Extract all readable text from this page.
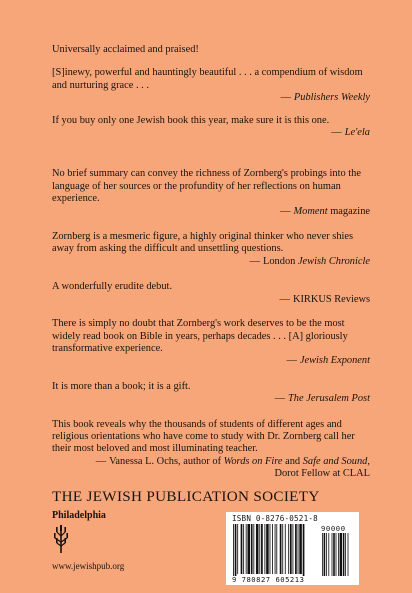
Universally acclaimed and praised!
[S]inewy, powerful and hauntingly beautiful . . . a compendium of wisdom and nurturing grace . . .
— Publishers Weekly
If you buy only one Jewish book this year, make sure it is this one.
— Le'ela
No brief summary can convey the richness of Zornberg's probings into the language of her sources or the profundity of her reflections on human experience.
— Moment magazine
Zornberg is a mesmeric figure, a highly original thinker who never shies away from asking the difficult and unsettling questions.
— London Jewish Chronicle
A wonderfully erudite debut.
— KIRKUS Reviews
There is simply no doubt that Zornberg's work deserves to be the most widely read book on Bible in years, perhaps decades . . . [A] gloriously transformative experience.
— Jewish Exponent
It is more than a book; it is a gift.
— The Jerusalem Post
This book reveals why the thousands of students of different ages and religious orientations who have come to study with Dr. Zornberg call her their most beloved and most illuminating teacher.
— Vanessa L. Ochs, author of Words on Fire and Safe and Sound,
Dorot Fellow at CLAL
THE JEWISH PUBLICATION SOCIETY
Philadelphia
www.jewishpub.org
ISBN 0-8276-0521-8
90000
9 780827 605213
